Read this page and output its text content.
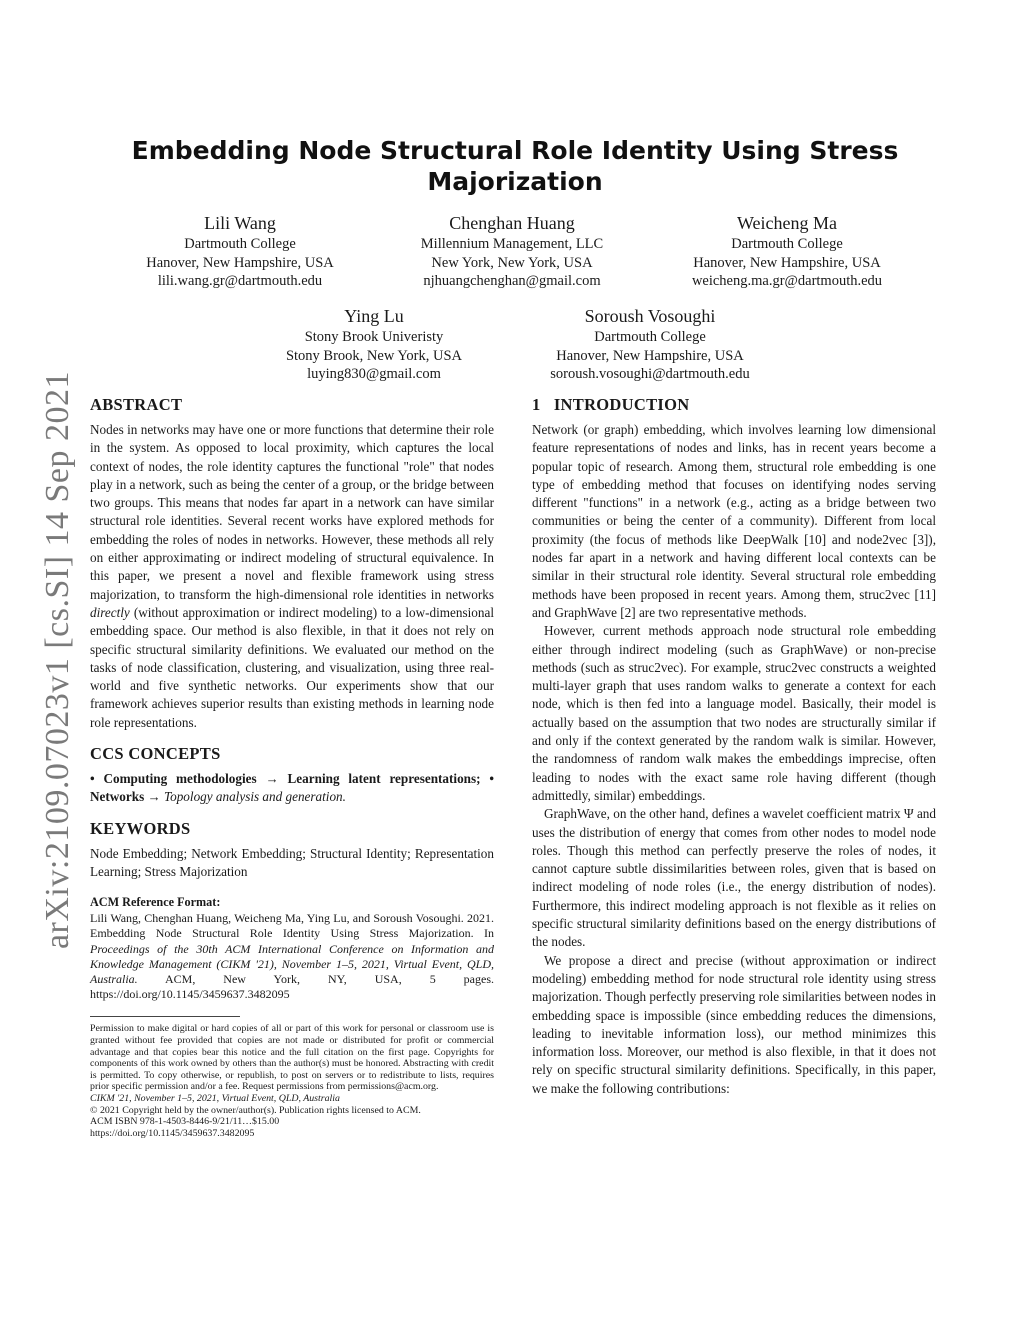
arXiv:2109.07023v1 [cs.SI] 14 Sep 2021
Embedding Node Structural Role Identity Using Stress
Majorization
Lili Wang
Dartmouth College
Hanover, New Hampshire, USA
lili.wang.gr@dartmouth.edu
Chenghan Huang
Millennium Management, LLC
New York, New York, USA
njhuangchenghan@gmail.com
Weicheng Ma
Dartmouth College
Hanover, New Hampshire, USA
weicheng.ma.gr@dartmouth.edu
Ying Lu
Stony Brook Univeristy
Stony Brook, New York, USA
luying830@gmail.com
Soroush Vosoughi
Dartmouth College
Hanover, New Hampshire, USA
soroush.vosoughi@dartmouth.edu
ABSTRACT

Nodes in networks may have one or more functions that determine their role in the system. As opposed to local proximity, which captures the local context of nodes, the role identity captures the functional "role" that nodes play in a network, such as being the center of a group, or the bridge between two groups. This means that nodes far apart in a network can have similar structural role identities. Several recent works have explored methods for embedding the roles of nodes in networks. However, these methods all rely on either approximating or indirect modeling of structural equivalence. In this paper, we present a novel and flexible framework using stress majorization, to transform the high-dimensional role identities in networks directly (without approximation or indirect modeling) to a low-dimensional embedding space. Our method is also flexible, in that it does not rely on specific structural similarity definitions. We evaluated our method on the tasks of node classification, clustering, and visualization, using three real-world and five synthetic networks. Our experiments show that our framework achieves superior results than existing methods in learning node role representations.

CCS CONCEPTS

• Computing methodologies → Learning latent representations; • Networks → Topology analysis and generation.

KEYWORDS

Node Embedding; Network Embedding; Structural Identity; Representation Learning; Stress Majorization

ACM Reference Format:

Lili Wang, Chenghan Huang, Weicheng Ma, Ying Lu, and Soroush Vosoughi. 2021. Embedding Node Structural Role Identity Using Stress Majorization. In Proceedings of the 30th ACM International Conference on Information and Knowledge Management (CIKM '21), November 1–5, 2021, Virtual Event, QLD, Australia. ACM, New York, NY, USA, 5 pages. https://doi.org/10.1145/3459637.3482095

Permission to make digital or hard copies of all or part of this work for personal or classroom use is granted without fee provided that copies are not made or distributed for profit or commercial advantage and that copies bear this notice and the full citation on the first page. Copyrights for components of this work owned by others than the author(s) must be honored. Abstracting with credit is permitted. To copy otherwise, or republish, to post on servers or to redistribute to lists, requires prior specific permission and/or a fee. Request permissions from permissions@acm.org.

CIKM '21, November 1–5, 2021, Virtual Event, QLD, Australia

© 2021 Copyright held by the owner/author(s). Publication rights licensed to ACM.

ACM ISBN 978-1-4503-8446-9/21/11…$15.00

https://doi.org/10.1145/3459637.3482095

1   INTRODUCTION

Network (or graph) embedding, which involves learning low dimensional feature representations of nodes and links, has in recent years become a popular topic of research. Among them, structural role embedding is one type of embedding method that focuses on identifying nodes serving different "functions" in a network (e.g., acting as a bridge between two communities or being the center of a community). Different from local proximity (the focus of methods like DeepWalk [10] and node2vec [3]), nodes far apart in a network and having different local contexts can be similar in their structural role identity. Several structural role embedding methods have been proposed in recent years. Among them, struc2vec [11] and GraphWave [2] are two representative methods.

However, current methods approach node structural role embedding either through indirect modeling (such as GraphWave) or non-precise methods (such as struc2vec). For example, struc2vec constructs a weighted multi-layer graph that uses random walks to generate a context for each node, which is then fed into a language model. Basically, their model is actually based on the assumption that two nodes are structurally similar if and only if the context generated by the random walk is similar. However, the randomness of random walk makes the embeddings imprecise, often leading to nodes with the exact same role having different (though admittedly, similar) embeddings.

GraphWave, on the other hand, defines a wavelet coefficient matrix Ψ and uses the distribution of energy that comes from other nodes to model node roles. Though this method can perfectly preserve the roles of nodes, it cannot capture subtle dissimilarities between roles, given that is based on indirect modeling of node roles (i.e., the energy distribution of nodes). Furthermore, this indirect modeling approach is not flexible as it relies on specific structural similarity definitions based on the energy distributions of the nodes.

We propose a direct and precise (without approximation or indirect modeling) embedding method for node structural role identity using stress majorization. Though perfectly preserving role similarities between nodes in embedding space is impossible (since embedding reduces the dimensions, leading to inevitable information loss), our method minimizes this information loss. Moreover, our method is also flexible, in that it does not rely on specific structural similarity definitions. Specifically, in this paper, we make the following contributions:
